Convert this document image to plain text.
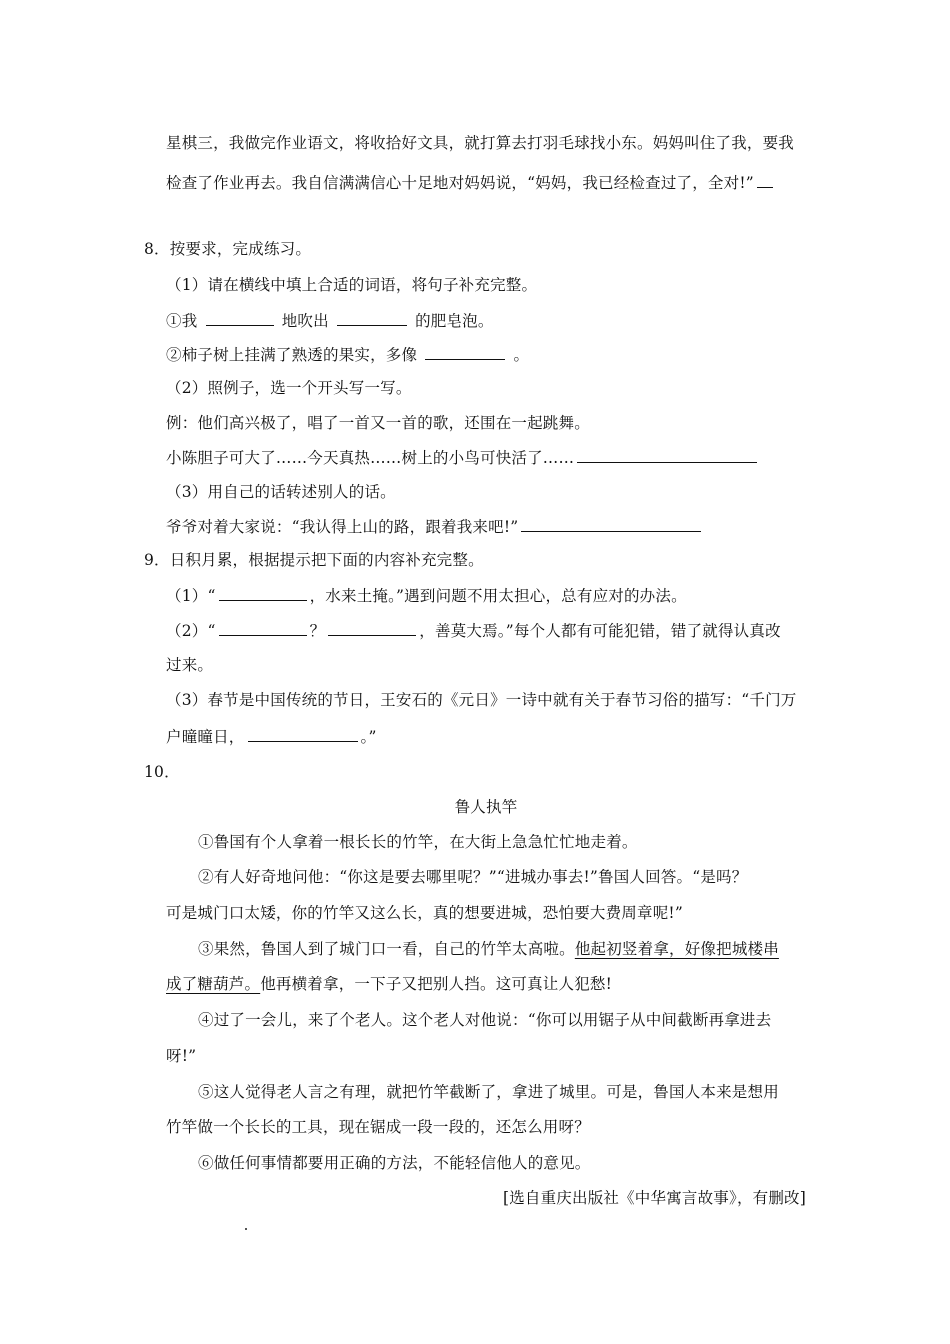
星棋三，我做完作业语文，将收拾好文具，就打算去打羽毛球找小东。妈妈叫住了我，要我
检查了作业再去。我自信满满信心十足地对妈妈说，“妈妈，我已经检查过了，全对!”
8．按要求，完成练习。
（1）请在横线中填上合适的词语，将句子补充完整。
①我	地吹出	的肥皂泡。
②柿子树上挂满了熟透的果实，多像	。
（2）照例子，选一个开头写一写。
例：他们高兴极了，唱了一首又一首的歌，还围在一起跳舞。
小陈胆子可大了……今天真热……树上的小鸟可快活了……
（3）用自己的话转述别人的话。
爷爷对着大家说：“我认得上山的路，跟着我来吧!”
9．日积月累，根据提示把下面的内容补充完整。
（1）“	，水来土掩。”遇到问题不用太担心，总有应对的办法。
（2）“	？	，善莫大焉。”每个人都有可能犯错，错了就得认真改
过来。
（3）春节是中国传统的节日，王安石的《元日》一诗中就有关于春节习俗的描写：“千门万
户曈曈日，	。”
10．
鲁人执竿
①鲁国有个人拿着一根长长的竹竿，在大街上急急忙忙地走着。
②有人好奇地问他：“你这是要去哪里呢？”“进城办事去!”鲁国人回答。“是吗？
可是城门口太矮，你的竹竿又这么长，真的想要进城，恐怕要大费周章呢!”
③果然，鲁国人到了城门口一看，自己的竹竿太高啦。他起初竖着拿，好像把城楼串
成了糖葫芦。他再横着拿，一下子又把别人挡。这可真让人犯愁!
④过了一会儿，来了个老人。这个老人对他说：“你可以用锯子从中间截断再拿进去
呀!”
⑤这人觉得老人言之有理，就把竹竿截断了，拿进了城里。可是，鲁国人本来是想用
竹竿做一个长长的工具，现在锯成一段一段的，还怎么用呀？
⑥做任何事情都要用正确的方法，不能轻信他人的意见。
[选自重庆出版社《中华寓言故事》，有删改]
